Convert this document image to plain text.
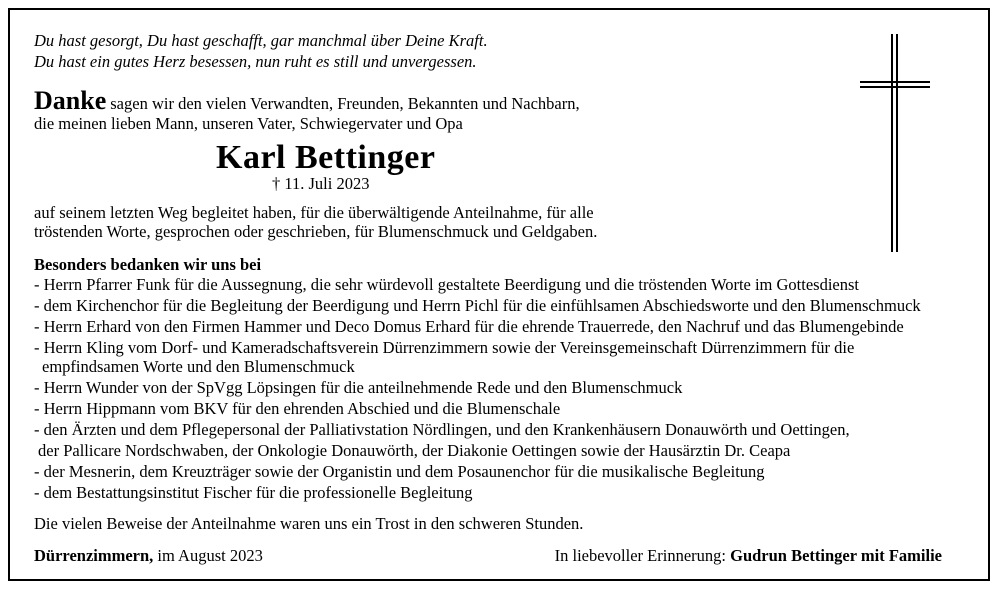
Du hast gesorgt, Du hast geschafft, gar manchmal über Deine Kraft.
Du hast ein gutes Herz besessen, nun ruht es still und unvergessen.
Danke sagen wir den vielen Verwandten, Freunden, Bekannten und Nachbarn,
die meinen lieben Mann, unseren Vater, Schwiegervater und Opa
Karl Bettinger
† 11. Juli 2023
auf seinem letzten Weg begleitet haben, für die überwältigende Anteilnahme, für alle
tröstenden Worte, gesprochen oder geschrieben, für Blumenschmuck und Geldgaben.
Besonders bedanken wir uns bei
- Herrn Pfarrer Funk für die Aussegnung, die sehr würdevoll gestaltete Beerdigung und die tröstenden Worte im Gottesdienst
- dem Kirchenchor für die Begleitung der Beerdigung und Herrn Pichl für die einfühlsamen Abschiedsworte und den Blumenschmuck
- Herrn Erhard von den Firmen Hammer und Deco Domus Erhard für die ehrende Trauerrede, den Nachruf und das Blumengebinde
- Herrn Kling vom Dorf- und Kameradschaftsverein Dürrenzimmern sowie der Vereinsgemeinschaft Dürrenzimmern für die
empfindsamen Worte und den Blumenschmuck
- Herrn Wunder von der SpVgg Löpsingen für die anteilnehmende Rede und den Blumenschmuck
- Herrn Hippmann vom BKV für den ehrenden Abschied und die Blumenschale
- den Ärzten und dem Pflegepersonal der Palliativstation Nördlingen, und den Krankenhäusern Donauwörth und Oettingen,
der Pallicare Nordschwaben, der Onkologie Donauwörth, der Diakonie Oettingen sowie der Hausärztin Dr. Ceapa
- der Mesnerin, dem Kreuzträger sowie der Organistin und dem Posaunenchor für die musikalische Begleitung
- dem Bestattungsinstitut Fischer für die professionelle Begleitung
Die vielen Beweise der Anteilnahme waren uns ein Trost in den schweren Stunden.
Dürrenzimmern, im August 2023	In liebevoller Erinnerung: Gudrun Bettinger mit Familie
